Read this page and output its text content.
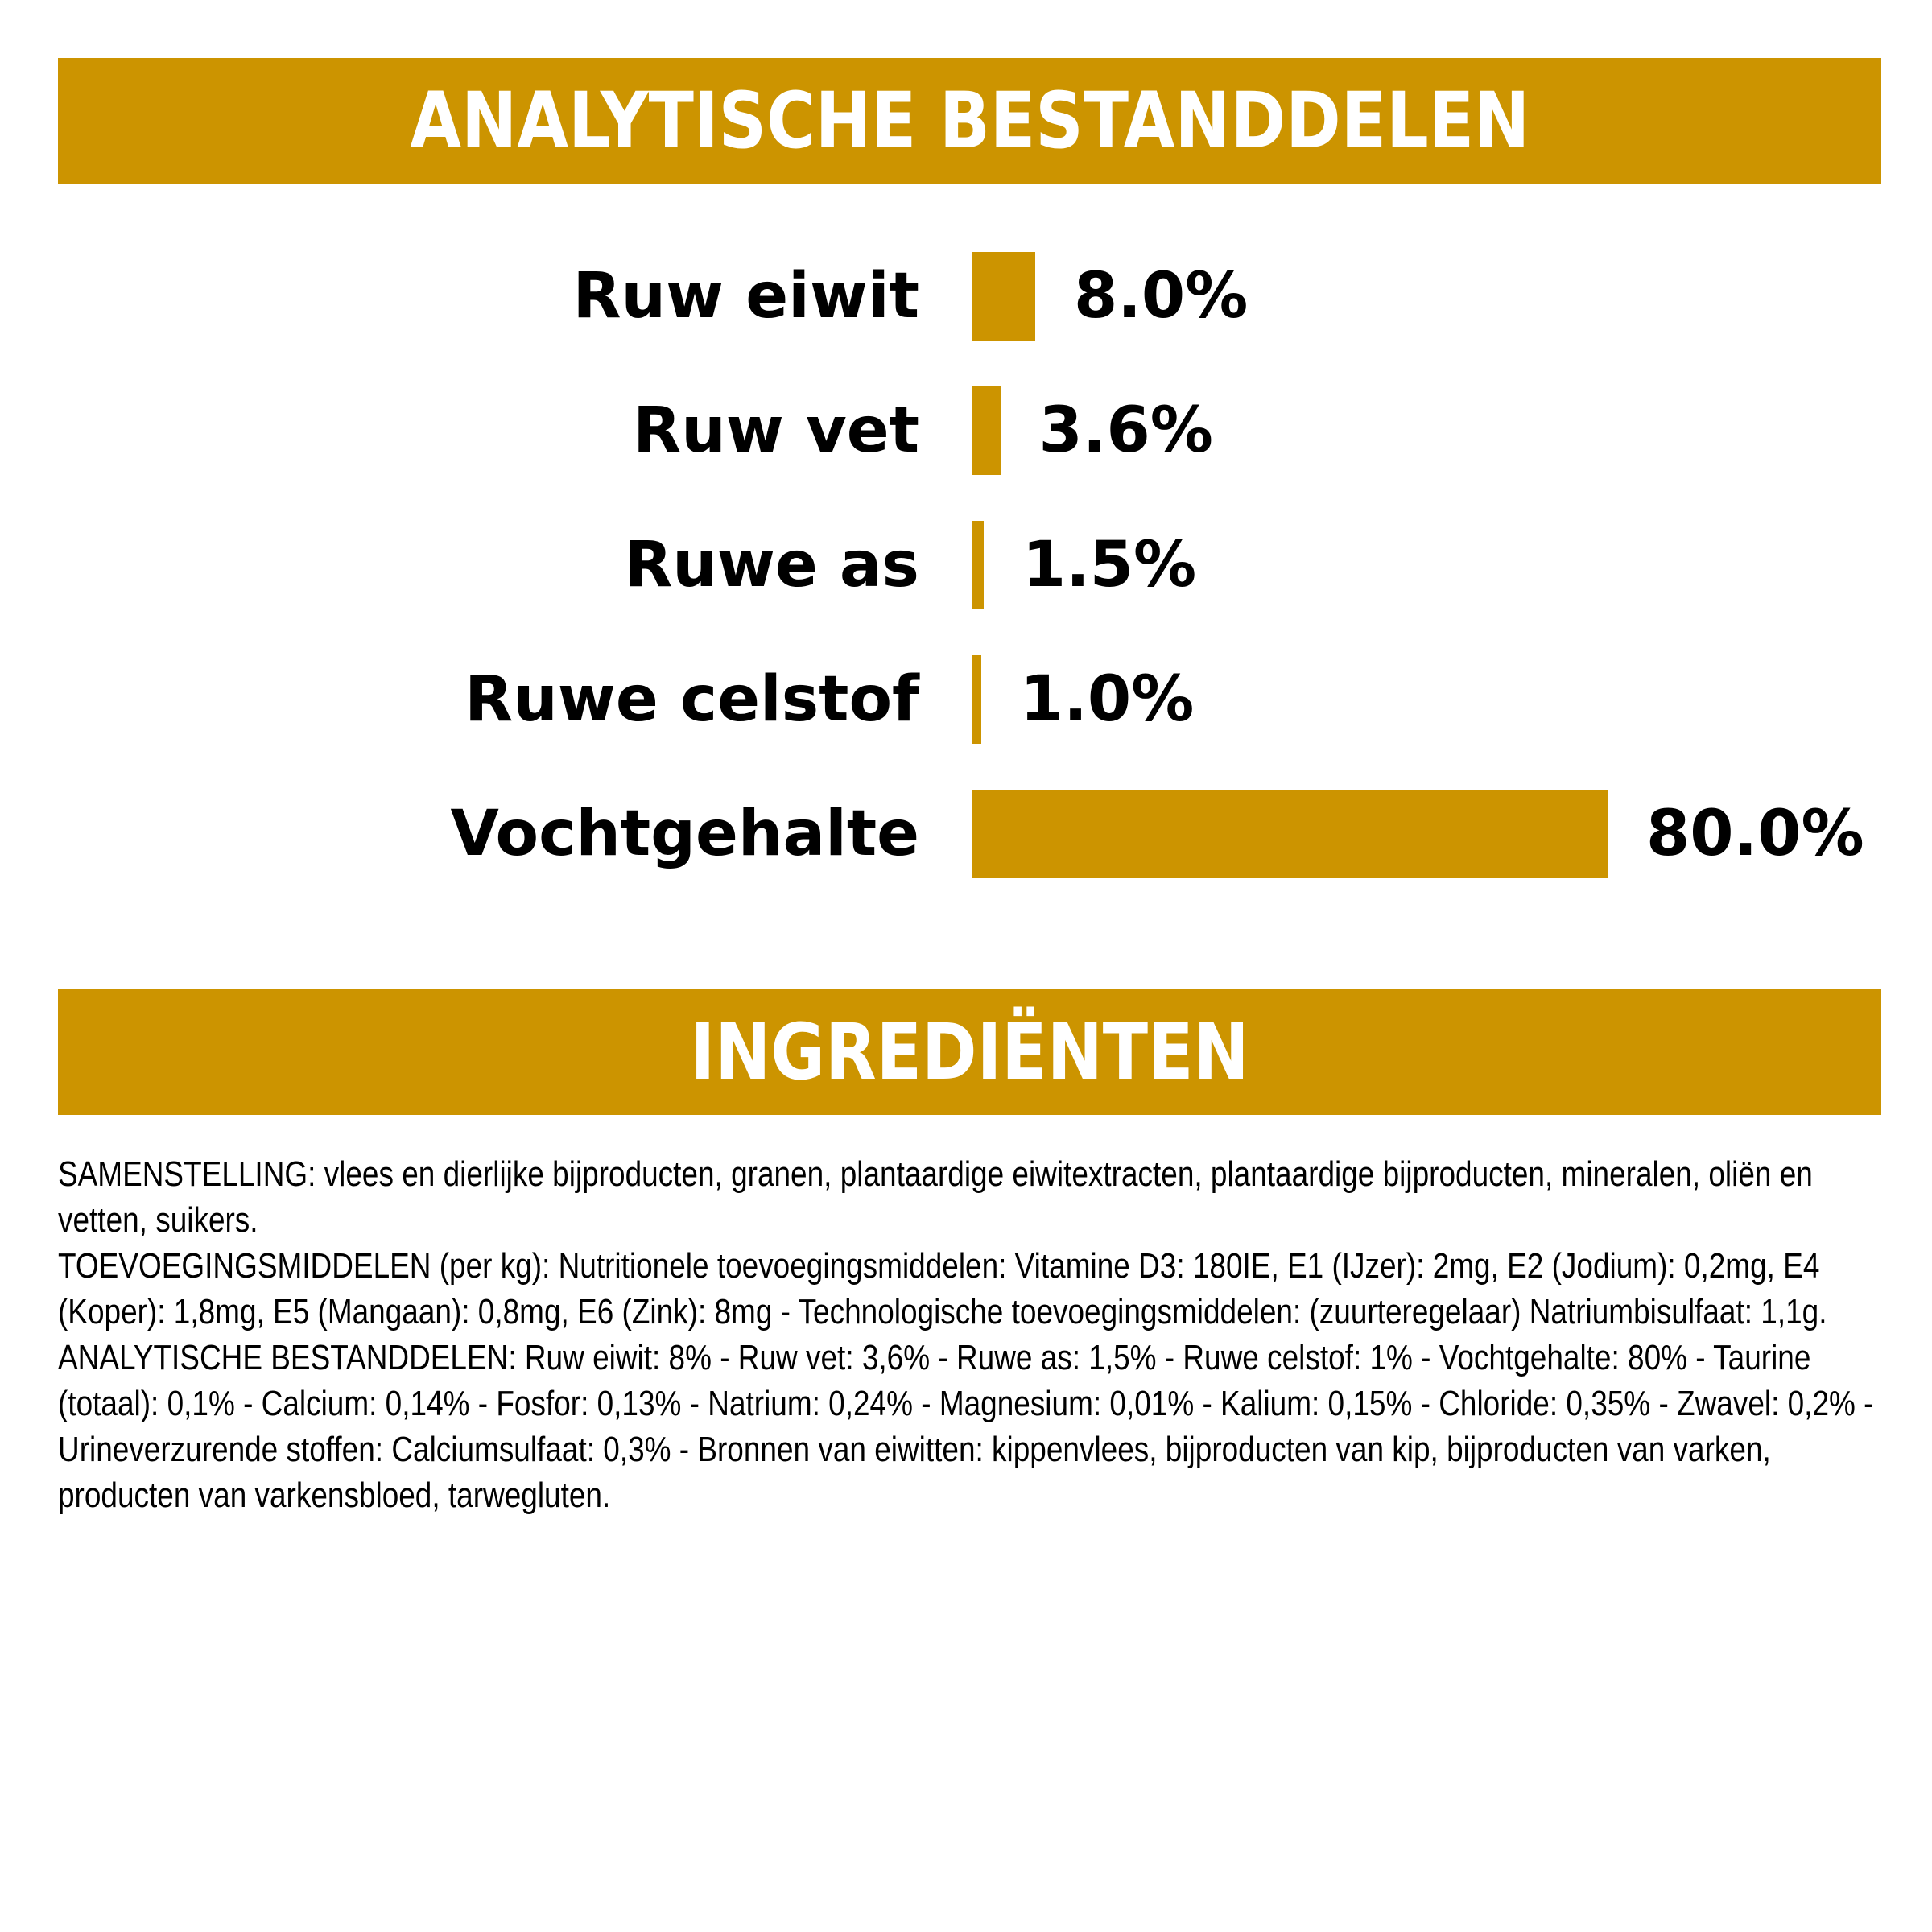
ANALYTISCHE BESTANDDELEN
Ruw eiwit 8.0%
Ruw vet 3.6%
Ruwe as 1.5%
Ruwe celstof 1.0%
Vochtgehalte	80.0%
INGREDIËNTEN

SAMENSTELLING: vlees en dierlijke bijproducten, granen, plantaardige eiwitextracten, plantaardige bijproducten, mineralen, oliën en vetten, suikers.

TOEVOEGINGSMIDDELEN (per kg): Nutritionele toevoegingsmiddelen: Vitamine D3: 180IE, E1 (IJzer): 2mg, E2 (Jodium): 0,2mg, E4 (Koper): 1,8mg, E5 (Mangaan): 0,8mg, E6 (Zink): 8mg - Technologische toevoegingsmiddelen: (zuurteregelaar) Natriumbisulfaat: 1,1g.

ANALYTISCHE BESTANDDELEN: Ruw eiwit: 8% - Ruw vet: 3,6% - Ruwe as: 1,5% - Ruwe celstof: 1% - Vochtgehalte: 80% - Taurine (totaal): 0,1% - Calcium: 0,14% - Fosfor: 0,13% - Natrium: 0,24% - Magnesium: 0,01% - Kalium: 0,15% - Chloride: 0,35% - Zwavel: 0,2% - Urineverzurende stoffen: Calciumsulfaat: 0,3% - Bronnen van eiwitten: kippenvlees, bijproducten van kip, bijproducten van varken, producten van varkensbloed, tarwegluten.
